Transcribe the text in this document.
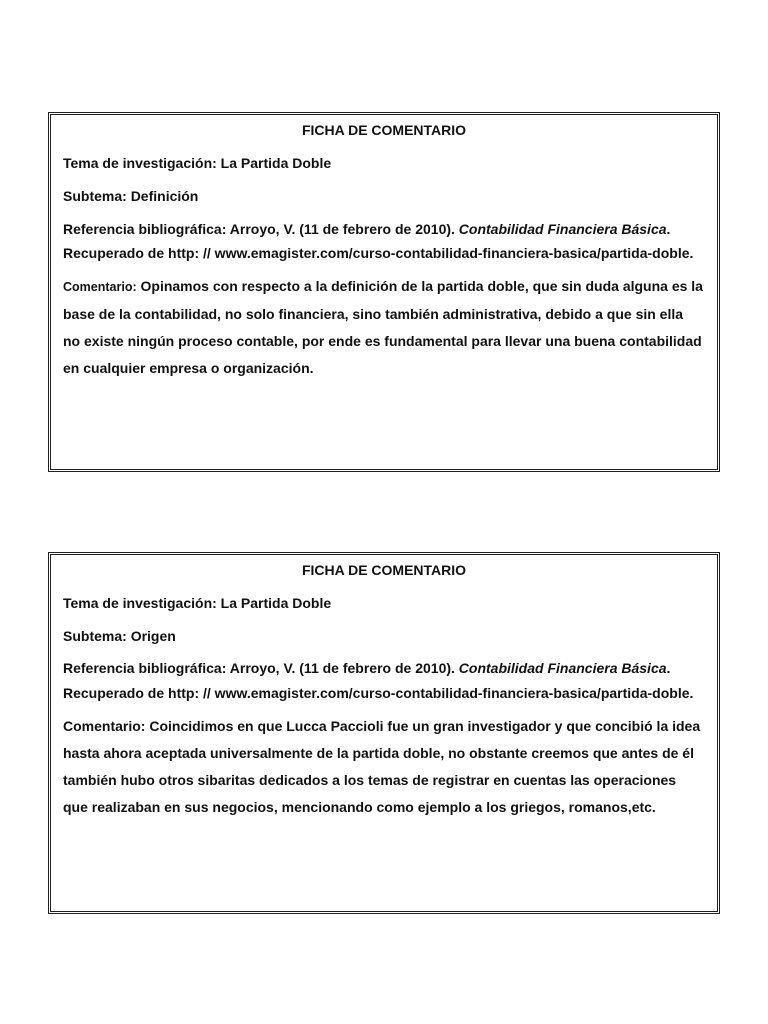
FICHA DE COMENTARIO
Tema de investigación: La Partida Doble
Subtema: Definición
Referencia bibliográfica: Arroyo, V. (11 de febrero de 2010). Contabilidad Financiera Básica.
Recuperado de http: // www.emagister.com/curso-contabilidad-financiera-basica/partida-doble.
Comentario: Opinamos con respecto a la definición de la partida doble, que sin duda alguna es la base de la contabilidad, no solo financiera, sino también administrativa, debido a que sin ella no existe ningún proceso contable, por ende es fundamental para llevar una buena contabilidad en cualquier empresa o organización.
FICHA DE COMENTARIO
Tema de investigación: La Partida Doble
Subtema: Origen
Referencia bibliográfica: Arroyo, V. (11 de febrero de 2010). Contabilidad Financiera Básica.
Recuperado de http: // www.emagister.com/curso-contabilidad-financiera-basica/partida-doble.
Comentario: Coincidimos en que Lucca Paccioli fue un gran investigador y que concibió la idea hasta ahora aceptada universalmente de la partida doble, no obstante creemos que antes de él también hubo otros sibaritas dedicados a los temas de registrar en cuentas las operaciones que realizaban en sus negocios, mencionando como ejemplo a los griegos, romanos,etc.
